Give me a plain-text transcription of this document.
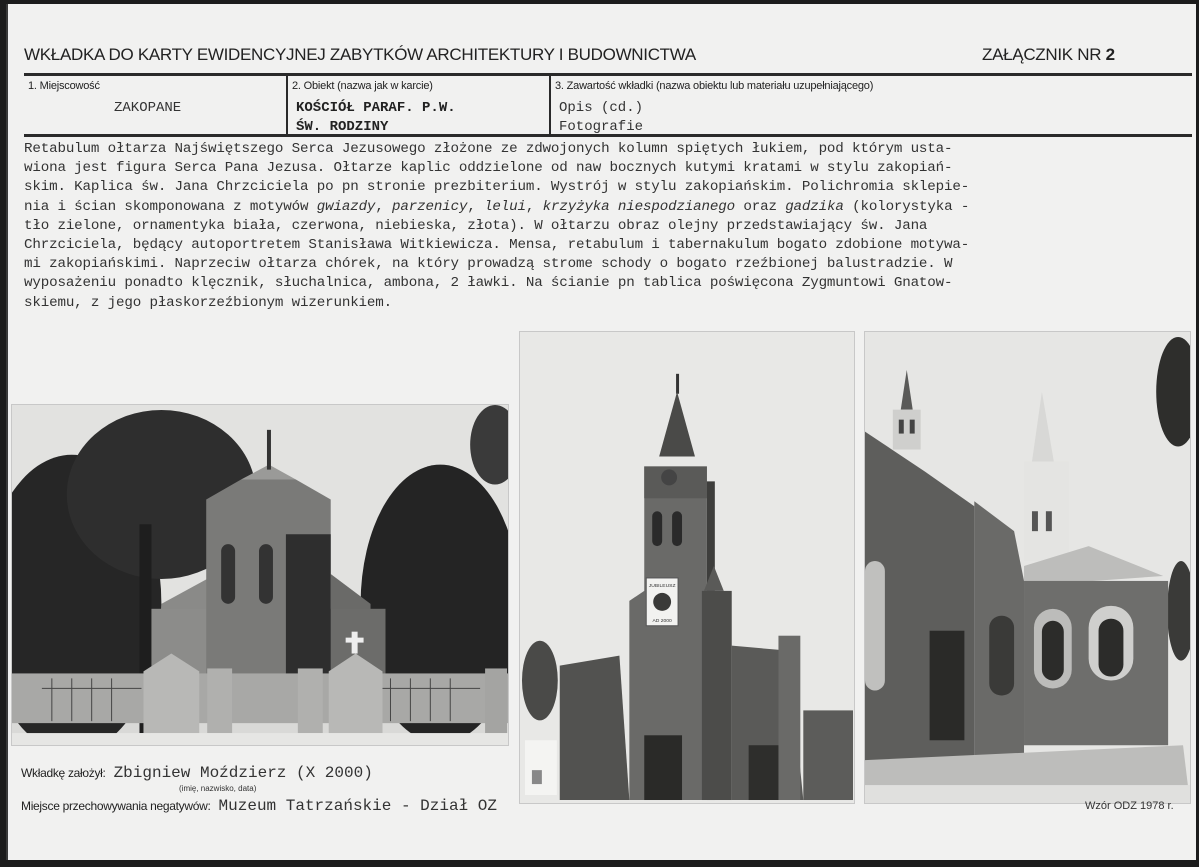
WKŁADKA DO KARTY EWIDENCYJNEJ ZABYTKÓW ARCHITEKTURY I BUDOWNICTWA	ZAŁĄCZNIK NR 2
1. Miejscowość
ZAKOPANE
2. Obiekt (nazwa jak w karcie)
KOŚCIÓŁ PARAF. P.W.
ŚW. RODZINY
3. Zawartość wkładki (nazwa obiektu lub materiału uzupełniającego)
Opis (cd.)
Fotografie
Retabulum ołtarza Najświętszego Serca Jezusowego złożone ze zdwojonych kolumn spiętych łukiem, pod którym usta-
wiona jest figura Serca Pana Jezusa. Ołtarze kaplic oddzielone od naw bocznych kutymi kratami w stylu zakopiań-
skim. Kaplica św. Jana Chrzciciela po pn stronie prezbiterium. Wystrój w stylu zakopiańskim. Polichromia sklepie-
nia i ścian skomponowana z motywów gwiazdy, parzenicy, lelui, krzyżyka niespodzianego oraz gadzika (kolorystyka -
tło zielone, ornamentyka biała, czerwona, niebieska, złota). W ołtarzu obraz olejny przedstawiający św. Jana
Chrzciciela, będący autoportretem Stanisława Witkiewicza. Mensa, retabulum i tabernakulum bogato zdobione motywa-
mi zakopiańskimi. Naprzeciw ołtarza chórek, na który prowadzą strome schody o bogato rzeźbionej balustradzie. W
wyposażeniu ponadto klęcznik, słuchalnica, ambona, 2 ławki. Na ścianie pn tablica poświęcona Zygmuntowi Gnatow-
skiemu, z jego płaskorzeźbionym wizerunkiem.
JUBILEUSZ
AD 2000
Wkładkę założył: Zbigniew Moździerz (X 2000)
(imię, nazwisko, data)
Miejsce przechowywania negatywów: Muzeum Tatrzańskie - Dział OZ	Wzór ODZ 1978 r.
